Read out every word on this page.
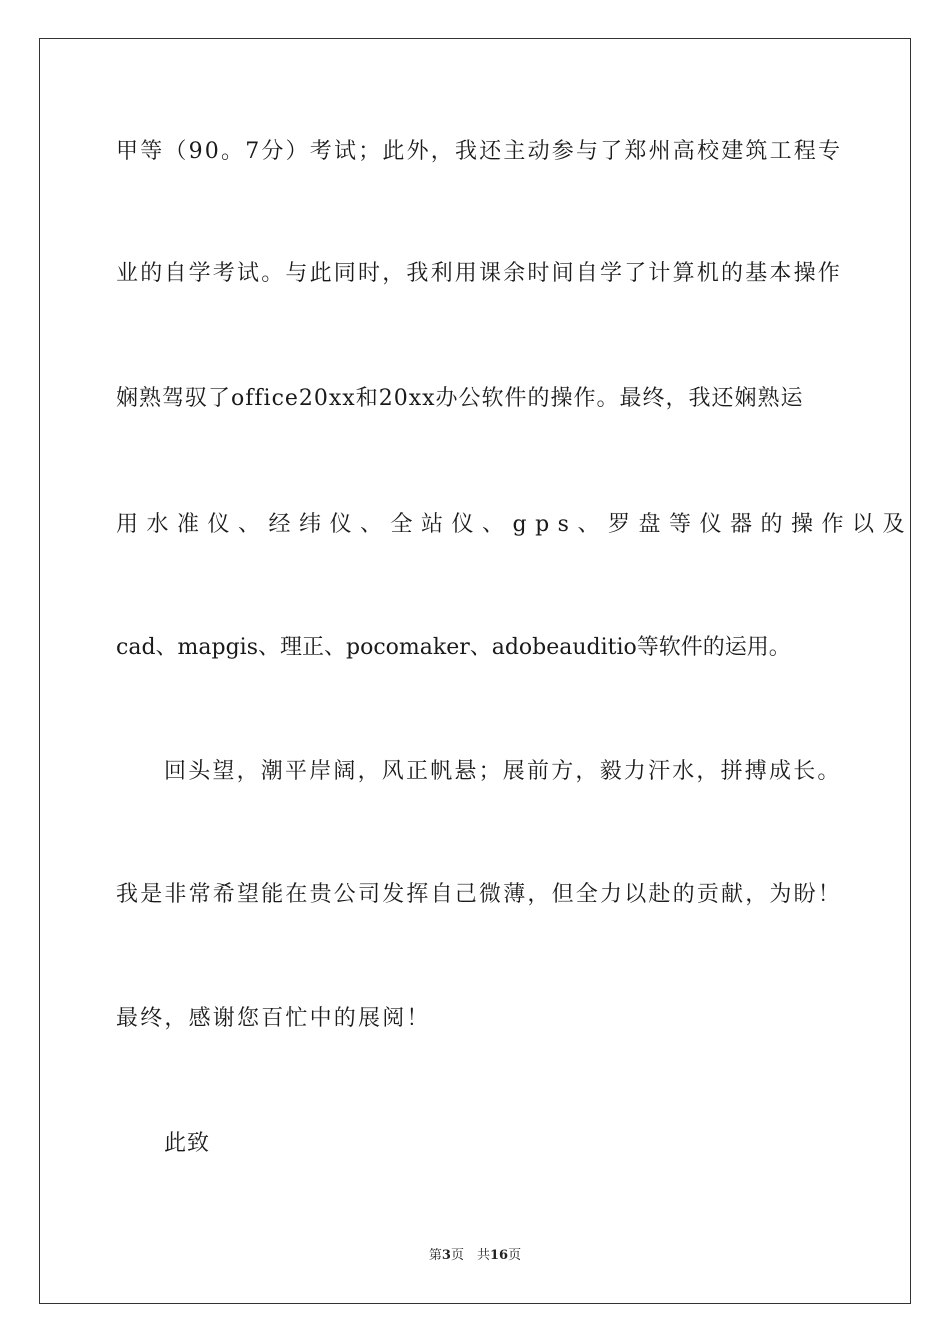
甲等（90。7分）考试；此外，我还主动参与了郑州高校建筑工程专
业的自学考试。与此同时，我利用课余时间自学了计算机的基本操作
娴熟驾驭了office20xx和20xx办公软件的操作。最终，我还娴熟运
用水准仪、经纬仪、全站仪、gps、罗盘等仪器的操作以及
cad、mapgis、理正、pocomaker、adobeauditio等软件的运用。
回头望，潮平岸阔，风正帆悬；展前方，毅力汗水，拼搏成长。
我是非常希望能在贵公司发挥自己微薄，但全力以赴的贡献，为盼！
最终，感谢您百忙中的展阅！
此致
第3页　共16页
